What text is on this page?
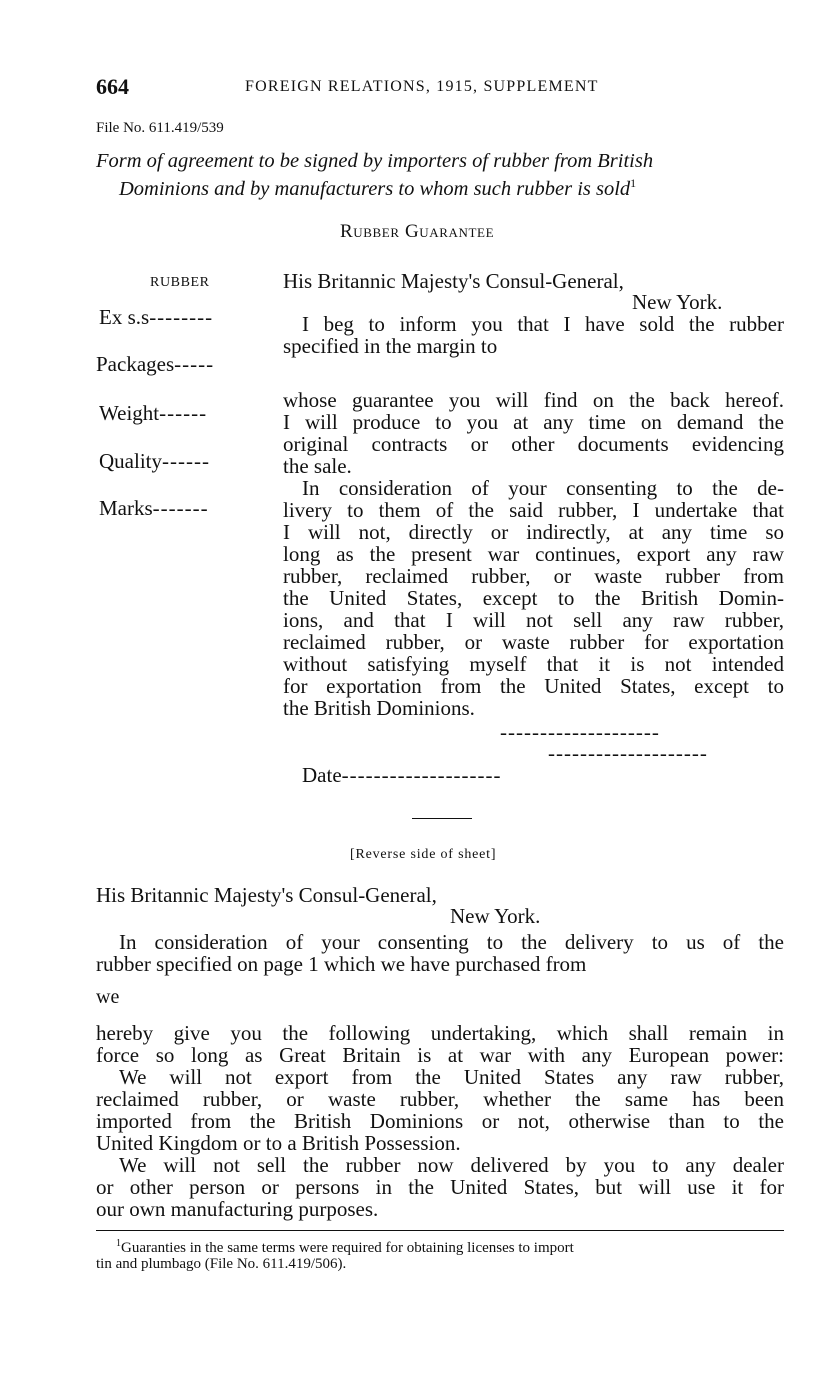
664	FOREIGN RELATIONS, 1915, SUPPLEMENT
File No. 611.419/539
Form of agreement to be signed by importers of rubber from British
Dominions and by manufacturers to whom such rubber is sold$^1$
Rubber Guarantee
RUBBER
Ex s.s--------
Packages-----
Weight------
Quality------
Marks-------
His Britannic Majesty's Consul-General,
New York.
I beg to inform you that I have sold the rubber
specified in the margin to
whose guarantee you will find on the back hereof.
I will produce to you at any time on demand the
original contracts or other documents evidencing
the sale.
In consideration of your consenting to the de-
livery to them of the said rubber, I undertake that
I will not, directly or indirectly, at any time so
long as the present war continues, export any raw
rubber, reclaimed rubber, or waste rubber from
the United States, except to the British Domin-
ions, and that I will not sell any raw rubber,
reclaimed rubber, or waste rubber for exportation
without satisfying myself that it is not intended
for exportation from the United States, except to
the British Dominions.
--------------------
--------------------
Date--------------------
[Reverse side of sheet]
His Britannic Majesty's Consul-General,
New York.
In consideration of your consenting to the delivery to us of the
rubber specified on page 1 which we have purchased from
we
hereby give you the following undertaking, which shall remain in
force so long as Great Britain is at war with any European power:
We will not export from the United States any raw rubber,
reclaimed rubber, or waste rubber, whether the same has been
imported from the British Dominions or not, otherwise than to the
United Kingdom or to a British Possession.
We will not sell the rubber now delivered by you to any dealer
or other person or persons in the United States, but will use it for
our own manufacturing purposes.
$^1$Guaranties in the same terms were required for obtaining licenses to import
tin and plumbago (File No. 611.419/506).
